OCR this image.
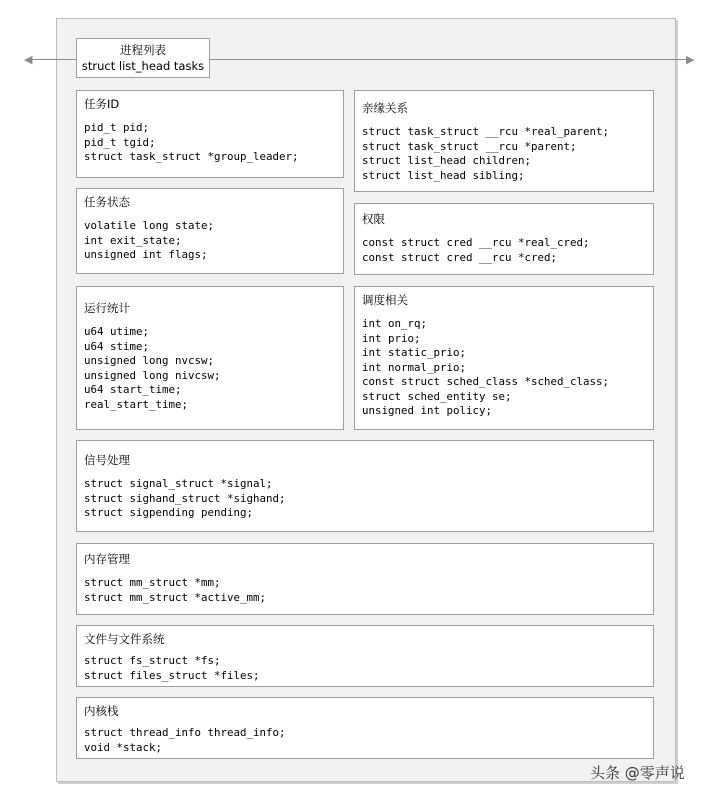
◀	▶
进程列表
struct list_head tasks
任务ID
pid_t pid;
pid_t tgid;
struct task_struct *group_leader;
任务状态
volatile long state;
int exit_state;
unsigned int flags;
运行统计
u64 utime;
u64 stime;
unsigned long nvcsw;
unsigned long nivcsw;
u64 start_time;
real_start_time;
亲缘关系
struct task_struct __rcu *real_parent;
struct task_struct __rcu *parent;
struct list_head children;
struct list_head sibling;
权限
const struct cred __rcu *real_cred;
const struct cred __rcu *cred;
调度相关
int on_rq;
int prio;
int static_prio;
int normal_prio;
const struct sched_class *sched_class;
struct sched_entity se;
unsigned int policy;
信号处理
struct signal_struct *signal;
struct sighand_struct *sighand;
struct sigpending pending;
内存管理
struct mm_struct *mm;
struct mm_struct *active_mm;
文件与文件系统
struct fs_struct *fs;
struct files_struct *files;
内核栈
struct thread_info thread_info;
void *stack;
头条 @零声说
